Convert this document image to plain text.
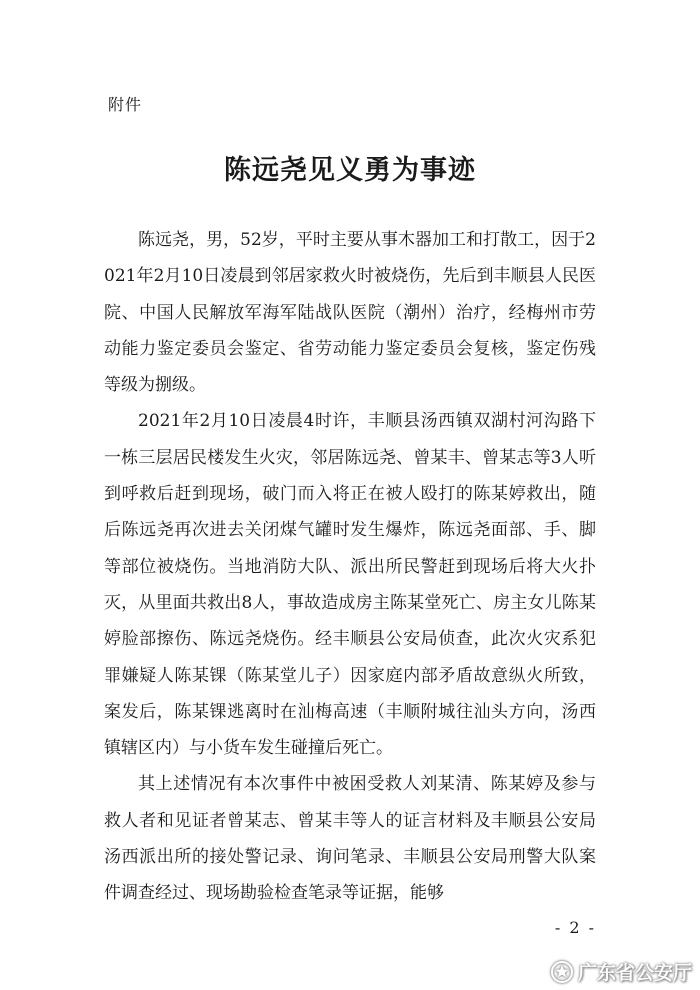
附件
陈远尧见义勇为事迹

陈远尧，男，52岁，平时主要从事木器加工和打散工，因于2021年2月10日凌晨到邻居家救火时被烧伤，先后到丰顺县人民医院、中国人民解放军海军陆战队医院（潮州）治疗，经梅州市劳动能力鉴定委员会鉴定、省劳动能力鉴定委员会复核，鉴定伤残等级为捌级。

2021年2月10日凌晨4时许，丰顺县汤西镇双湖村河沟路下一栋三层居民楼发生火灾，邻居陈远尧、曾某丰、曾某志等3人听到呼救后赶到现场，破门而入将正在被人殴打的陈某婷救出，随后陈远尧再次进去关闭煤气罐时发生爆炸，陈远尧面部、手、脚等部位被烧伤。当地消防大队、派出所民警赶到现场后将大火扑灭，从里面共救出8人，事故造成房主陈某堂死亡、房主女儿陈某婷脸部擦伤、陈远尧烧伤。经丰顺县公安局侦查，此次火灾系犯罪嫌疑人陈某锞（陈某堂儿子）因家庭内部矛盾故意纵火所致，案发后，陈某锞逃离时在汕梅高速（丰顺附城往汕头方向，汤西镇辖区内）与小货车发生碰撞后死亡。

其上述情况有本次事件中被困受救人刘某清、陈某婷及参与救人者和见证者曾某志、曾某丰等人的证言材料及丰顺县公安局汤西派出所的接处警记录、询问笔录、丰顺县公安局刑警大队案件调查经过、现场勘验检查笔录等证据，能够

- 2 -
广东省公安厅
